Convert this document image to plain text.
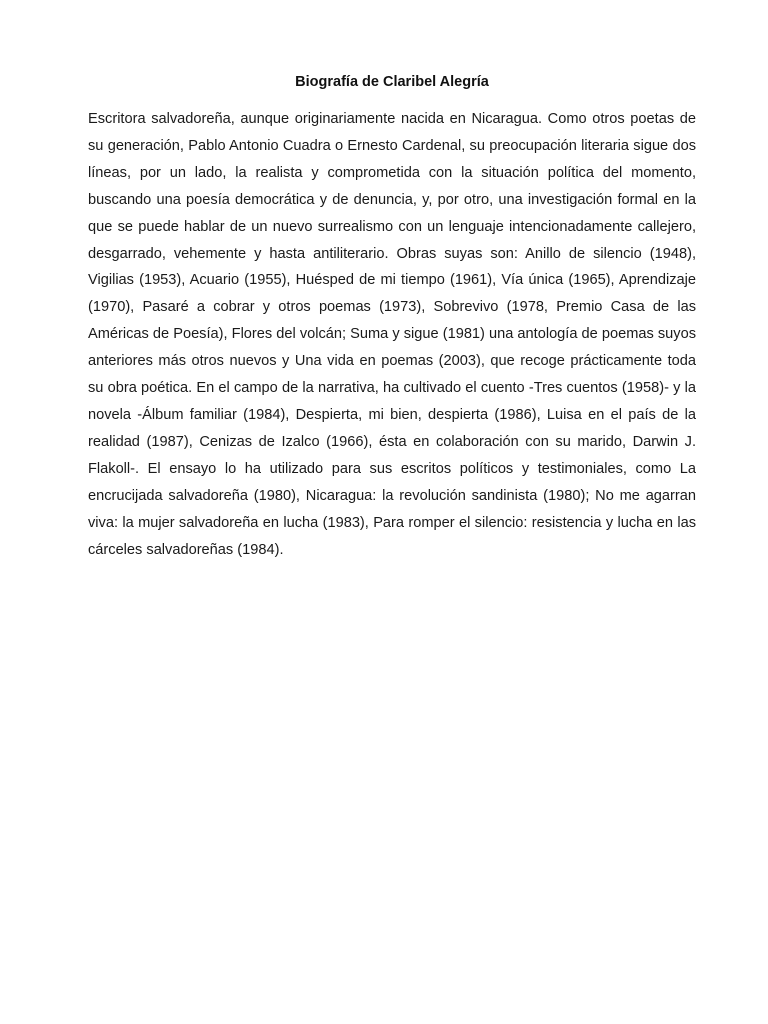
Biografía de Claribel Alegría

Escritora salvadoreña, aunque originariamente nacida en Nicaragua. Como otros poetas de su generación, Pablo Antonio Cuadra o Ernesto Cardenal, su preocupación literaria sigue dos líneas, por un lado, la realista y comprometida con la situación política del momento, buscando una poesía democrática y de denuncia, y, por otro, una investigación formal en la que se puede hablar de un nuevo surrealismo con un lenguaje intencionadamente callejero, desgarrado, vehemente y hasta antiliterario. Obras suyas son: Anillo de silencio (1948), Vigilias (1953), Acuario (1955), Huésped de mi tiempo (1961), Vía única (1965), Aprendizaje (1970), Pasaré a cobrar y otros poemas (1973), Sobrevivo (1978, Premio Casa de las Américas de Poesía), Flores del volcán; Suma y sigue (1981) una antología de poemas suyos anteriores más otros nuevos y Una vida en poemas (2003), que recoge prácticamente toda su obra poética. En el campo de la narrativa, ha cultivado el cuento -Tres cuentos (1958)- y la novela -Álbum familiar (1984), Despierta, mi bien, despierta (1986), Luisa en el país de la realidad (1987), Cenizas de Izalco (1966), ésta en colaboración con su marido, Darwin J. Flakoll-. El ensayo lo ha utilizado para sus escritos políticos y testimoniales, como La encrucijada salvadoreña (1980), Nicaragua: la revolución sandinista (1980); No me agarran viva: la mujer salvadoreña en lucha (1983), Para romper el silencio: resistencia y lucha en las cárceles salvadoreñas (1984).
